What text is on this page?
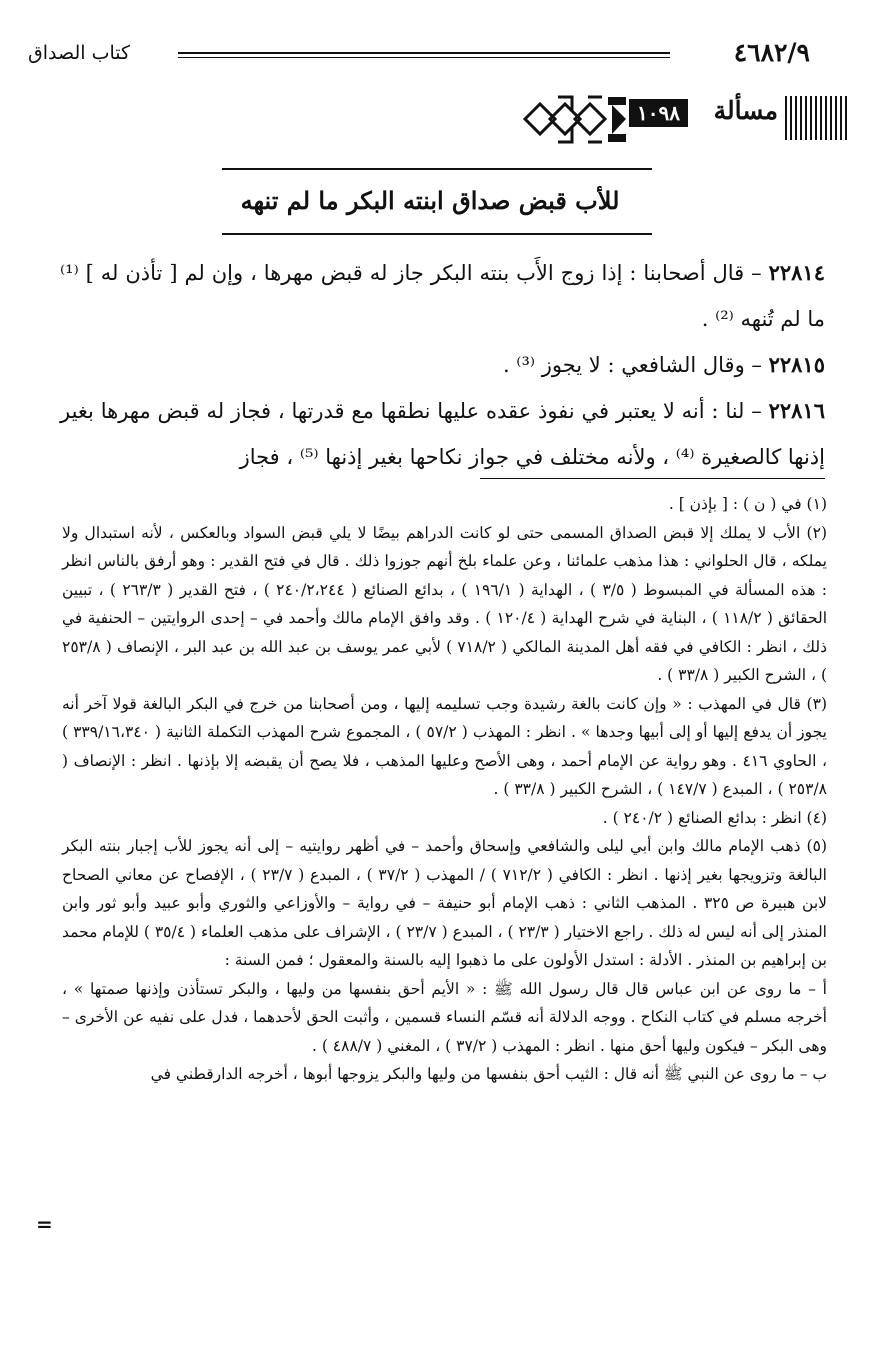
كتاب الصداق	٤٦٨٢/٩
١٠٩٨	مسألة
للأب قبض صداق ابنته البكر ما لم تنهه

٢٢٨١٤ – قال أصحابنا : إذا زوج الأَب بنته البكر جاز له قبض مهرها ، وإن لم [ تأذن له ] ⁽¹⁾ ما لم تُنهه ⁽²⁾ .

٢٢٨١٥ – وقال الشافعي : لا يجوز ⁽³⁾ .

٢٢٨١٦ – لنا : أنه لا يعتبر في نفوذ عقده عليها نطقها مع قدرتها ، فجاز له قبض مهرها بغير إذنها كالصغيرة ⁽⁴⁾ ، ولأنه مختلف في جواز نكاحها بغير إذنها ⁽⁵⁾ ، فجاز

(١) في ( ن ) : [ بإذن ] .

(٢) الأب لا يملك إلا قبض الصداق المسمى حتى لو كانت الدراهم بيضًا لا يلي قبض السواد وبالعكس ، لأنه استبدال ولا يملكه ، قال الحلواني : هذا مذهب علمائنا ، وعن علماء بلخ أنهم جوزوا ذلك . قال في فتح القدير : وهو أرفق بالناس انظر : هذه المسألة في المبسوط ( ٣/٥ ) ، الهداية ( ١٩٦/١ ) ، بدائع الصنائع ( ٢٤٠/٢،٢٤٤ ) ، فتح القدير ( ٢٦٣/٣ ) ، تبيين الحقائق ( ١١٨/٢ ) ، البناية في شرح الهداية ( ١٢٠/٤ ) . وقد وافق الإمام مالك وأحمد في – إحدى الروايتين – الحنفية في ذلك ، انظر : الكافي في فقه أهل المدينة المالكي ( ٧١٨/٢ ) لأبي عمر يوسف بن عبد الله بن عبد البر ، الإنصاف ( ٢٥٣/٨ ) ، الشرح الكبير ( ٣٣/٨ ) .

(٣) قال في المهذب : « وإن كانت بالغة رشيدة وجب تسليمه إليها ، ومن أصحابنا من خرج في البكر البالغة قولا آخر أنه يجوز أن يدفع إليها أو إلى أبيها وجدها » . انظر : المهذب ( ٥٧/٢ ) ، المجموع شرح المهذب التكملة الثانية ( ٣٣٩/١٦،٣٤٠ ) ، الحاوي ٤١٦ . وهو رواية عن الإمام أحمد ، وهى الأصح وعليها المذهب ، فلا يصح أن يقبضه إلا بإذنها . انظر : الإنصاف ( ٢٥٣/٨ ) ، المبدع ( ١٤٧/٧ ) ، الشرح الكبير ( ٣٣/٨ ) .

(٤) انظر : بدائع الصنائع ( ٢٤٠/٢ ) .

(٥) ذهب الإمام مالك وابن أبي ليلى والشافعي وإسحاق وأحمد – في أظهر روايتيه – إلى أنه يجوز للأب إجبار بنته البكر البالغة وتزويجها بغير إذنها . انظر : الكافي ( ٧١٢/٢ ) / المهذب ( ٣٧/٢ ) ، المبدع ( ٢٣/٧ ) ، الإفصاح عن معاني الصحاح لابن هبيرة ص ٣٢٥ . المذهب الثاني : ذهب الإمام أبو حنيفة – في رواية – والأوزاعي والثوري وأبو عبيد وأبو ثور وابن المنذر إلى أنه ليس له ذلك . راجع الاختيار ( ٢٣/٣ ) ، المبدع ( ٢٣/٧ ) ، الإشراف على مذهب العلماء ( ٣٥/٤ ) للإمام محمد بن إبراهيم بن المنذر . الأدلة : استدل الأولون على ما ذهبوا إليه بالسنة والمعقول ؛ فمن السنة :

أ – ما روى عن ابن عباس قال قال رسول الله ﷺ : « الأيم أحق بنفسها من وليها ، والبكر تستأذن وإذنها صمتها » ، أخرجه مسلم في كتاب النكاح . ووجه الدلالة أنه قسّم النساء قسمين ، وأثبت الحق لأحدهما ، فدل على نفيه عن الأخرى – وهى البكر – فيكون وليها أحق منها . انظر : المهذب ( ٣٧/٢ ) ، المغني ( ٤٨٨/٧ ) .

ب – ما روى عن النبي ﷺ أنه قال : الثيب أحق بنفسها من وليها والبكر يزوجها أبوها ، أخرجه الدارقطني في

=
